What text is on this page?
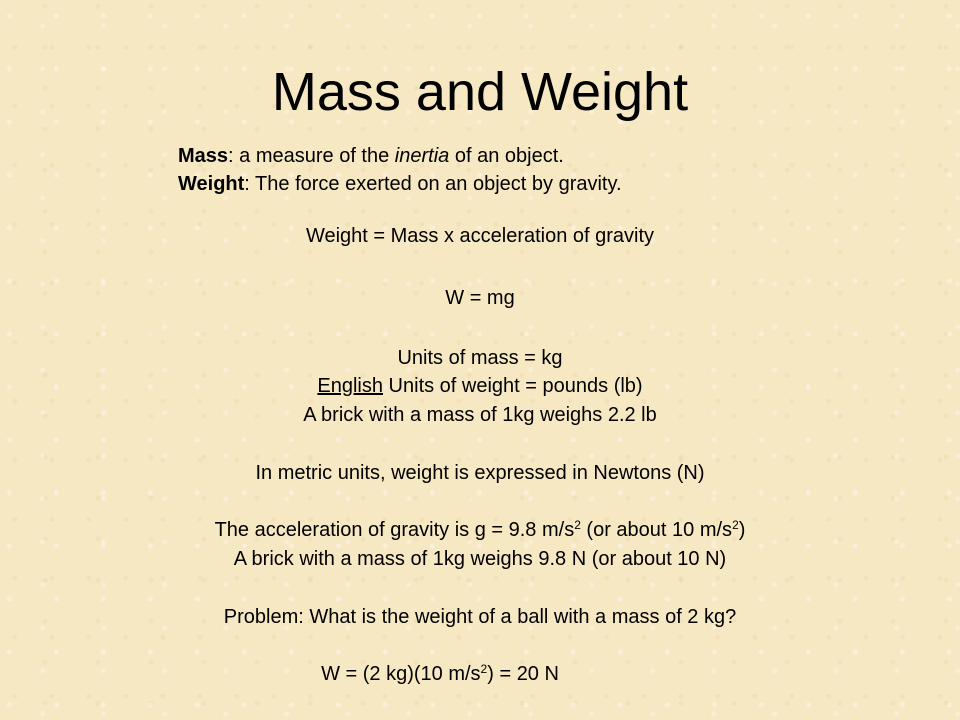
Mass and Weight
Mass: a measure of the inertia of an object.
Weight: The force exerted on an object by gravity.
Weight = Mass x acceleration of gravity
W = mg
Units of mass = kg
English Units of weight = pounds (lb)
A brick with a mass of 1kg weighs 2.2 lb
In metric units, weight is expressed in Newtons (N)
The acceleration of gravity is g = 9.8 $m/s^2$ (or about 10 $m/s^2$)
A brick with a mass of 1kg weighs 9.8 N (or about 10 N)
Problem: What is the weight of a ball with a mass of 2 kg?
W = (2 kg)(10 $m/s^2) = 20$ N
